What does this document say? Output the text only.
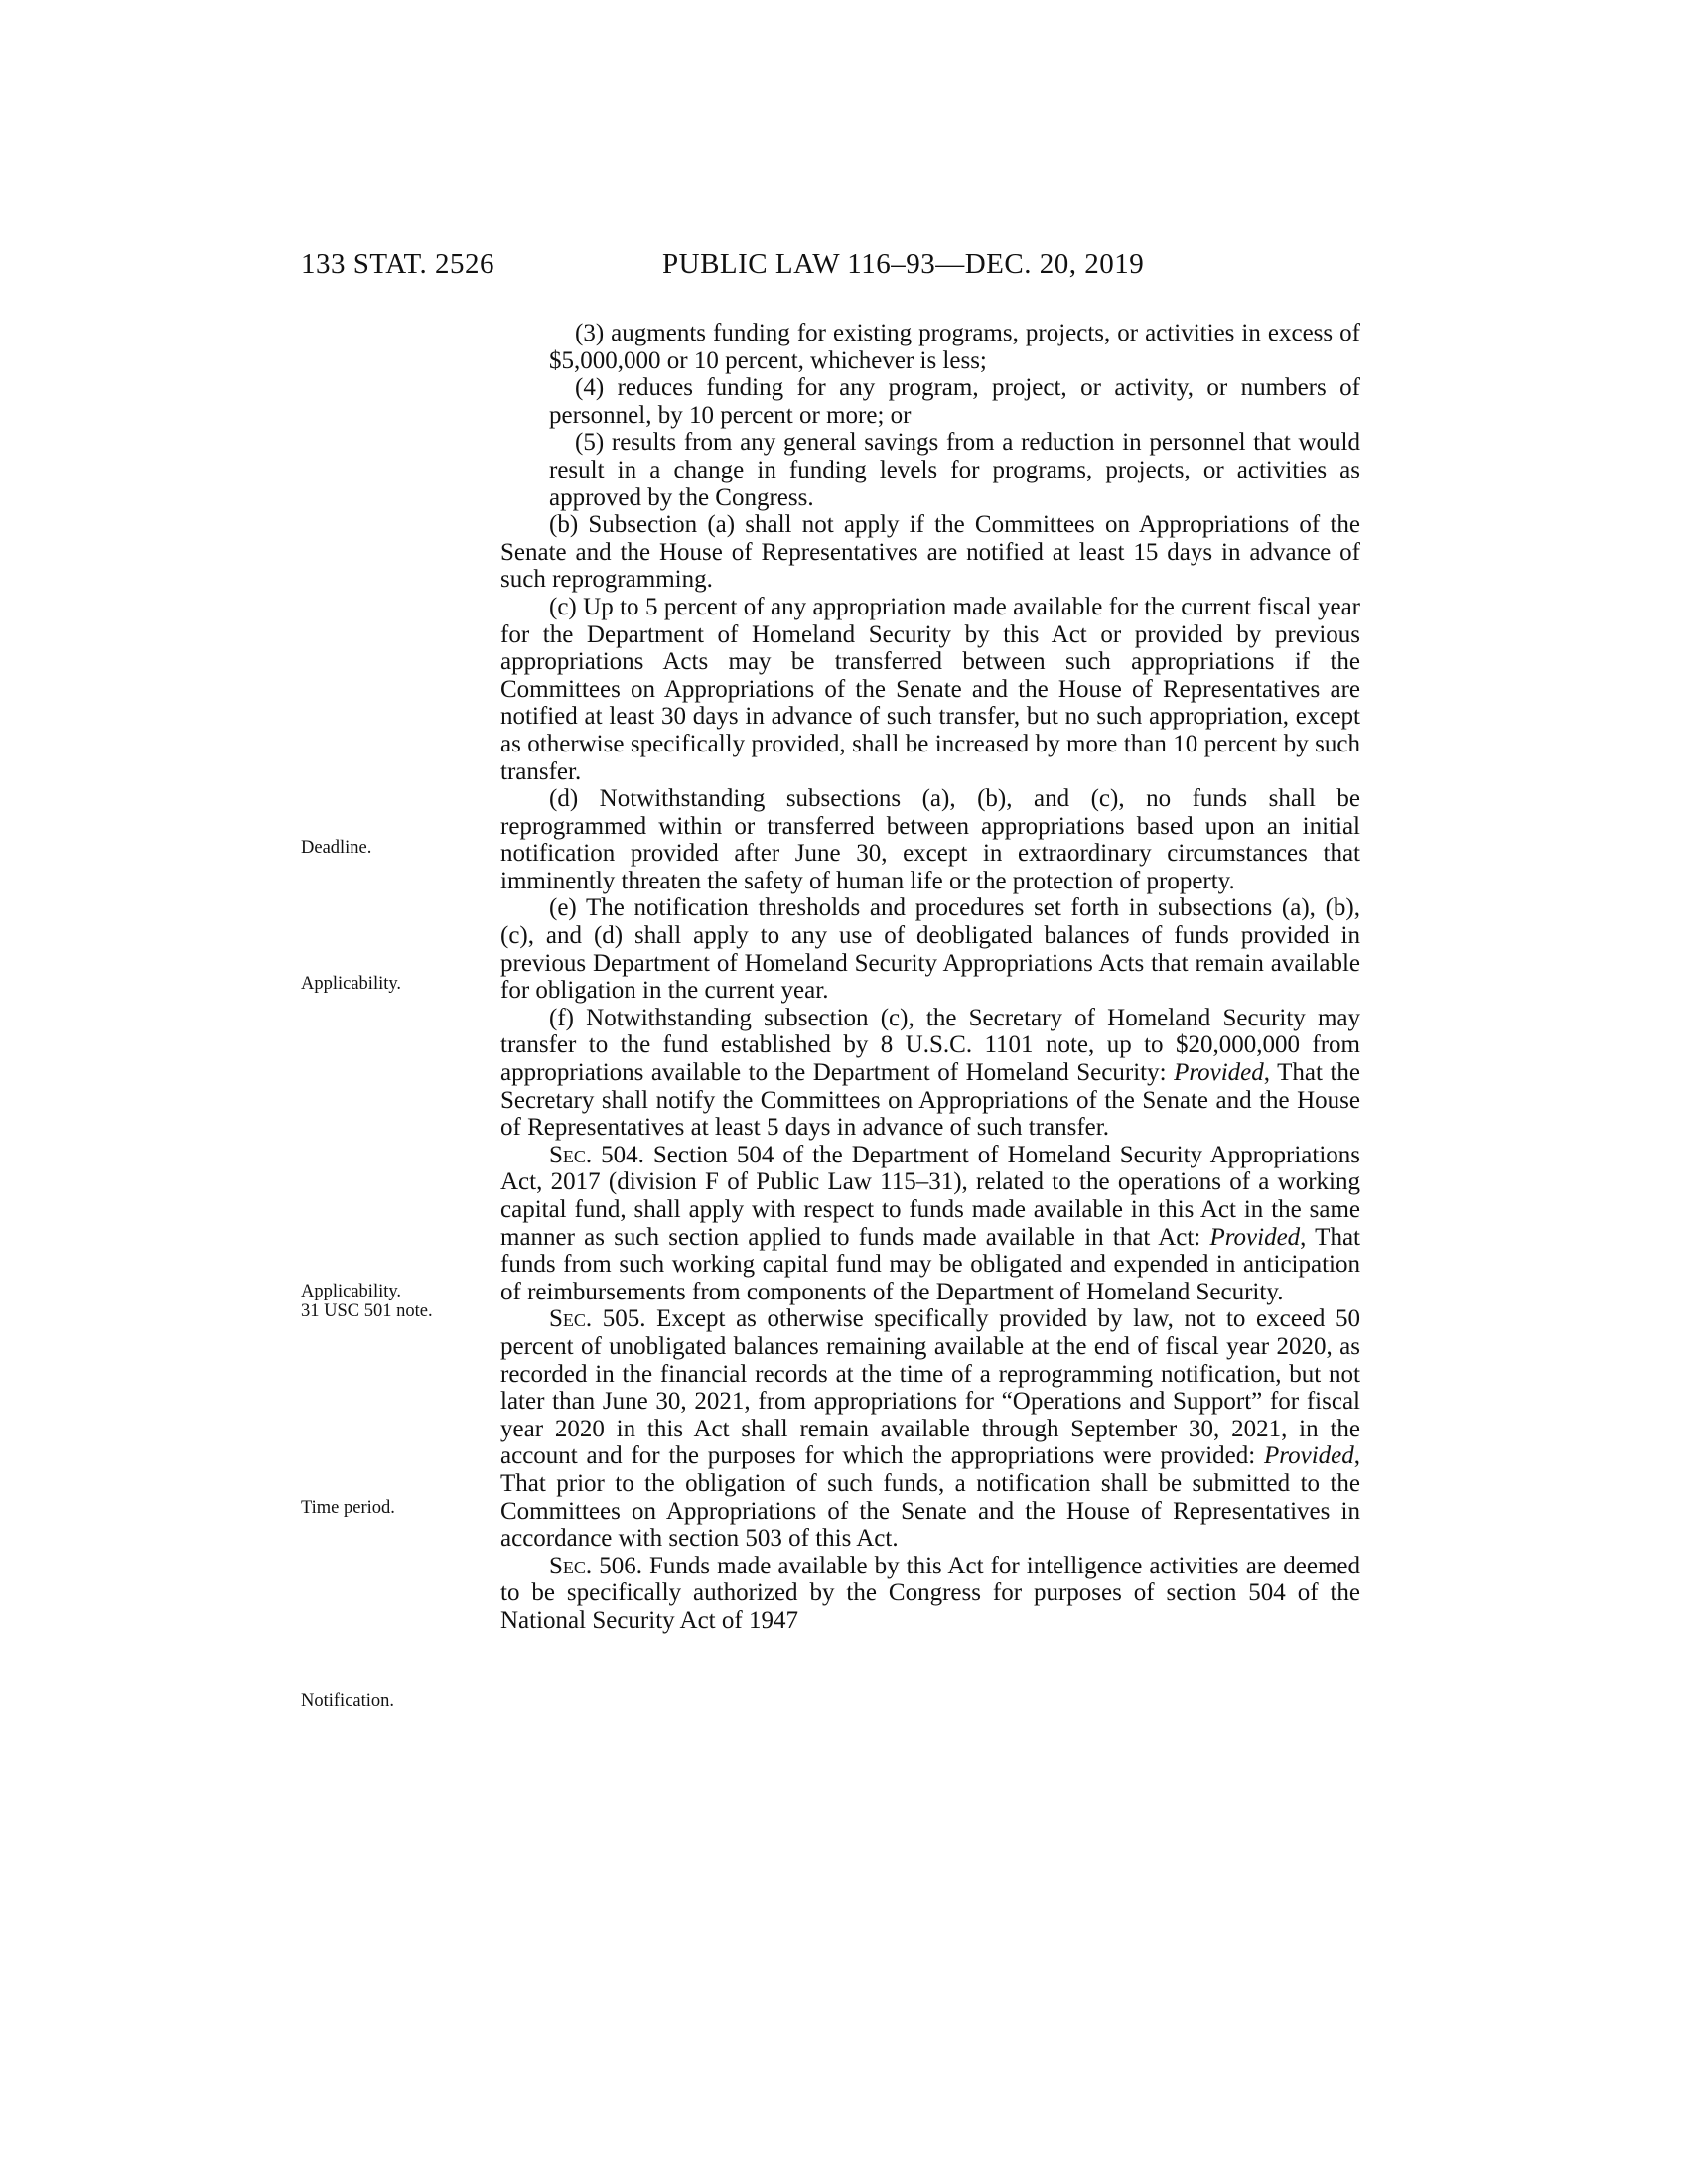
133 STAT. 2526	PUBLIC LAW 116–93—DEC. 20, 2019
Deadline.
Applicability.
Applicability.
31 USC 501 note.
Time period.
Notification.

(3) augments funding for existing programs, projects, or activities in excess of $5,000,000 or 10 percent, whichever is less;

(4) reduces funding for any program, project, or activity, or numbers of personnel, by 10 percent or more; or

(5) results from any general savings from a reduction in personnel that would result in a change in funding levels for programs, projects, or activities as approved by the Congress.

(b) Subsection (a) shall not apply if the Committees on Appropriations of the Senate and the House of Representatives are notified at least 15 days in advance of such reprogramming.

(c) Up to 5 percent of any appropriation made available for the current fiscal year for the Department of Homeland Security by this Act or provided by previous appropriations Acts may be transferred between such appropriations if the Committees on Appropriations of the Senate and the House of Representatives are notified at least 30 days in advance of such transfer, but no such appropriation, except as otherwise specifically provided, shall be increased by more than 10 percent by such transfer.

(d) Notwithstanding subsections (a), (b), and (c), no funds shall be reprogrammed within or transferred between appropriations based upon an initial notification provided after June 30, except in extraordinary circumstances that imminently threaten the safety of human life or the protection of property.

(e) The notification thresholds and procedures set forth in subsections (a), (b), (c), and (d) shall apply to any use of deobligated balances of funds provided in previous Department of Homeland Security Appropriations Acts that remain available for obligation in the current year.

(f) Notwithstanding subsection (c), the Secretary of Homeland Security may transfer to the fund established by 8 U.S.C. 1101 note, up to $20,000,000 from appropriations available to the Department of Homeland Security: Provided, That the Secretary shall notify the Committees on Appropriations of the Senate and the House of Representatives at least 5 days in advance of such transfer.

Sec. 504. Section 504 of the Department of Homeland Security Appropriations Act, 2017 (division F of Public Law 115–31), related to the operations of a working capital fund, shall apply with respect to funds made available in this Act in the same manner as such section applied to funds made available in that Act: Provided, That funds from such working capital fund may be obligated and expended in anticipation of reimbursements from components of the Department of Homeland Security.

Sec. 505. Except as otherwise specifically provided by law, not to exceed 50 percent of unobligated balances remaining available at the end of fiscal year 2020, as recorded in the financial records at the time of a reprogramming notification, but not later than June 30, 2021, from appropriations for “Operations and Support” for fiscal year 2020 in this Act shall remain available through September 30, 2021, in the account and for the purposes for which the appropriations were provided: Provided, That prior to the obligation of such funds, a notification shall be submitted to the Committees on Appropriations of the Senate and the House of Representatives in accordance with section 503 of this Act.

Sec. 506. Funds made available by this Act for intelligence activities are deemed to be specifically authorized by the Congress for purposes of section 504 of the National Security Act of 1947
